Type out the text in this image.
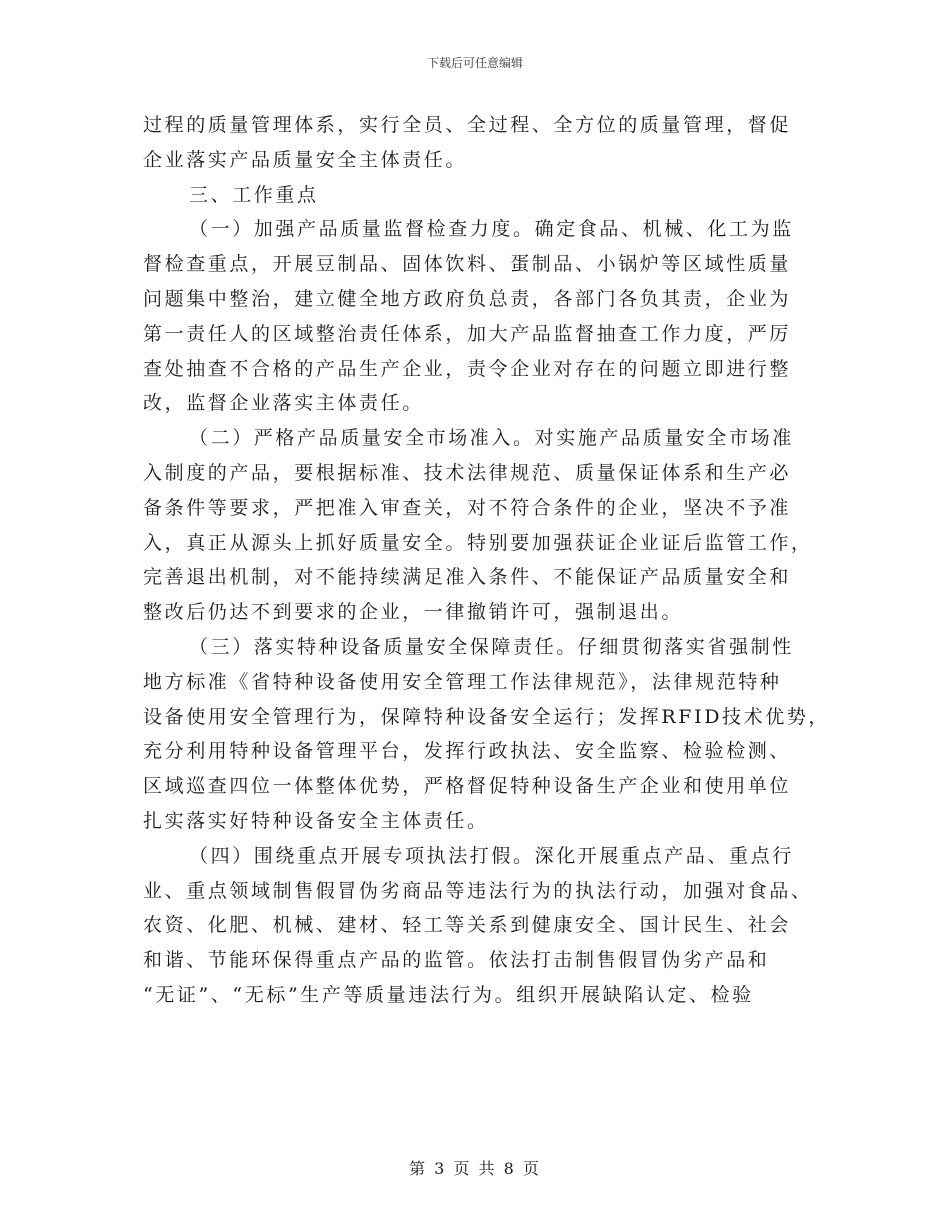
下载后可任意编辑
过程的质量管理体系，实行全员、全过程、全方位的质量管理，督促
企业落实产品质量安全主体责任。
三、工作重点
（一）加强产品质量监督检查力度。确定食品、机械、化工为监
督检查重点，开展豆制品、固体饮料、蛋制品、小锅炉等区域性质量
问题集中整治，建立健全地方政府负总责，各部门各负其责，企业为
第一责任人的区域整治责任体系，加大产品监督抽查工作力度，严厉
查处抽查不合格的产品生产企业，责令企业对存在的问题立即进行整
改，监督企业落实主体责任。
（二）严格产品质量安全市场准入。对实施产品质量安全市场准
入制度的产品，要根据标准、技术法律规范、质量保证体系和生产必
备条件等要求，严把准入审查关，对不符合条件的企业，坚决不予准
入，真正从源头上抓好质量安全。特别要加强获证企业证后监管工作，
完善退出机制，对不能持续满足准入条件、不能保证产品质量安全和
整改后仍达不到要求的企业，一律撤销许可，强制退出。
（三）落实特种设备质量安全保障责任。仔细贯彻落实省强制性
地方标准《省特种设备使用安全管理工作法律规范》，法律规范特种
设备使用安全管理行为，保障特种设备安全运行；发挥RFID技术优势，
充分利用特种设备管理平台，发挥行政执法、安全监察、检验检测、
区域巡查四位一体整体优势，严格督促特种设备生产企业和使用单位
扎实落实好特种设备安全主体责任。
（四）围绕重点开展专项执法打假。深化开展重点产品、重点行
业、重点领域制售假冒伪劣商品等违法行为的执法行动，加强对食品、
农资、化肥、机械、建材、轻工等关系到健康安全、国计民生、社会
和谐、节能环保得重点产品的监管。依法打击制售假冒伪劣产品和
“无证”、“无标”生产等质量违法行为。组织开展缺陷认定、检验
第 3 页 共 8 页
